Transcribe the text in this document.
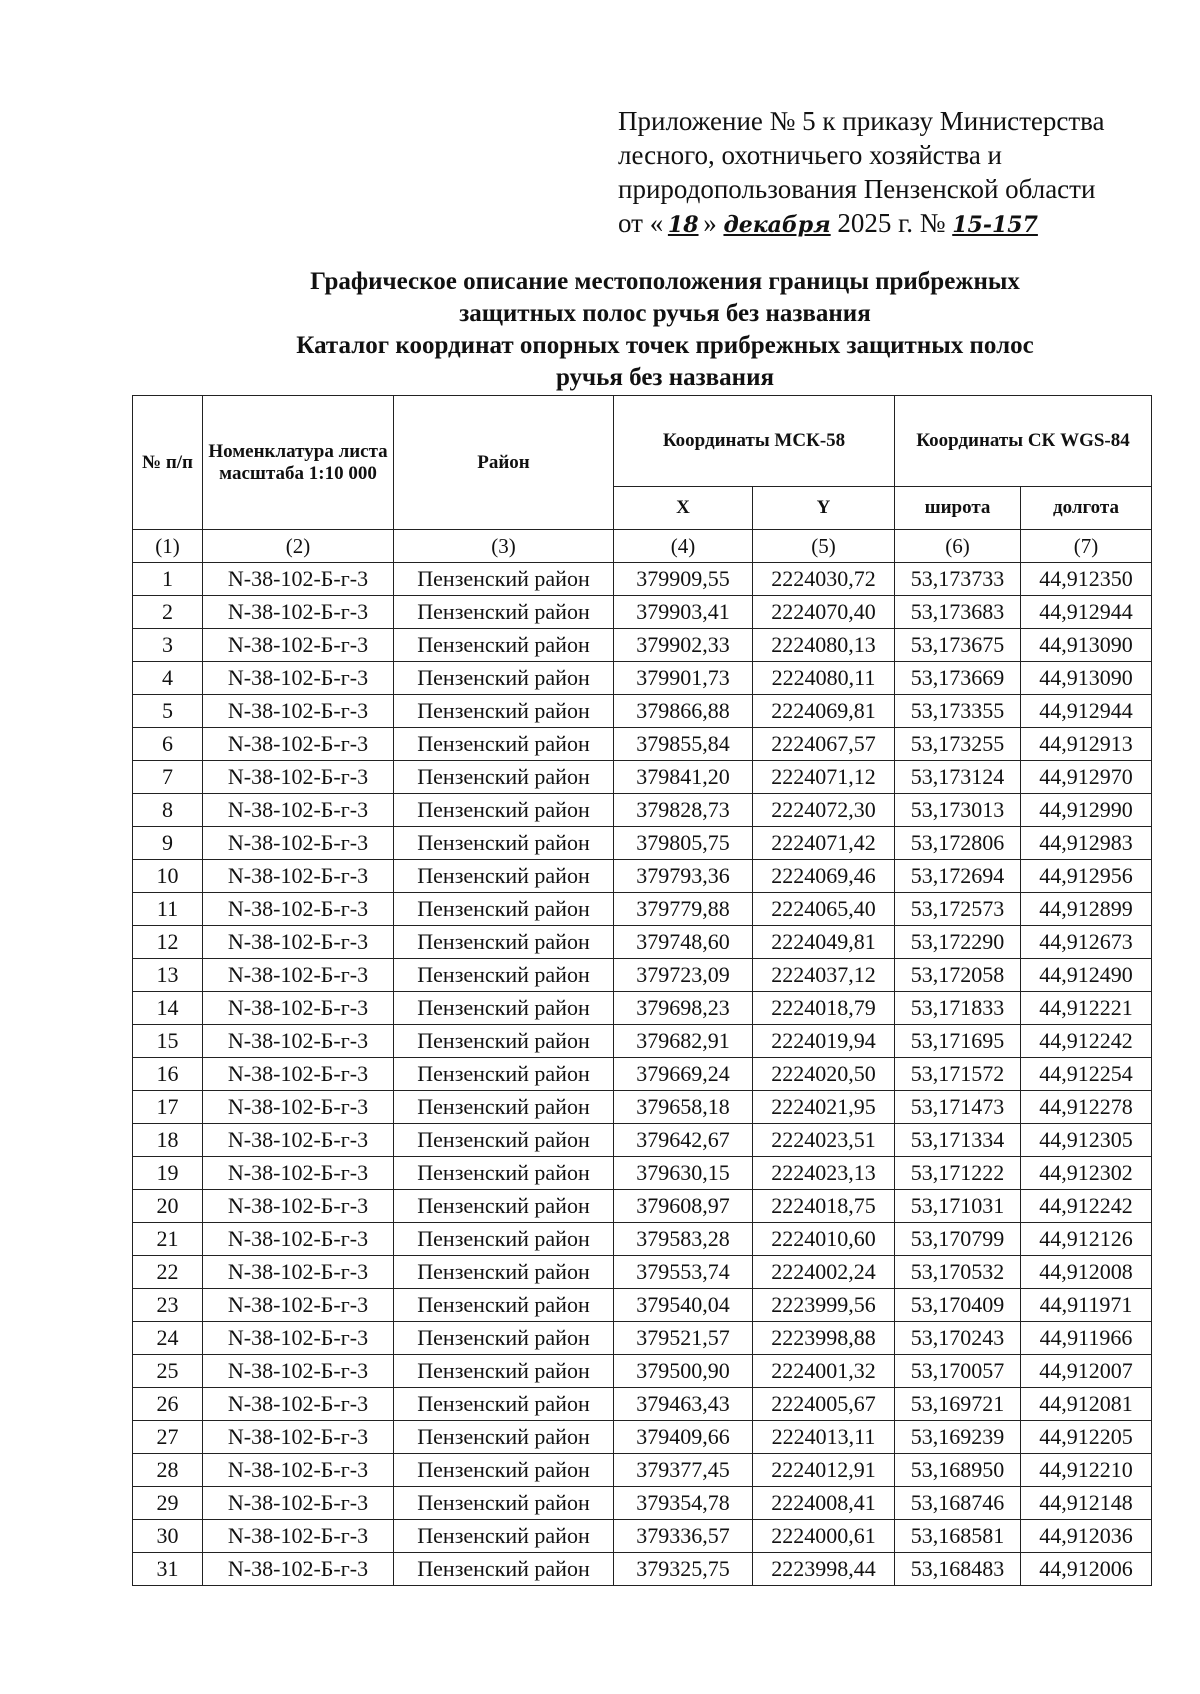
Приложение № 5 к приказу Министерства
лесного, охотничьего хозяйства и
природопользования Пензенской области
от « 18 » декабря 2025 г. № 15-157
Графическое описание местоположения границы прибрежных
защитных полос ручья без названия
Каталог координат опорных точек прибрежных защитных полос
ручья без названия
№ п/п	Номенклатура листа масштаба 1:10 000	Район	Координаты МСК-58		Координаты СК WGS-84	
			X	Y	широта	долгота
(1)	(2)	(3)	(4)	(5)	(6)	(7)
1	N-38-102-Б-г-3	Пензенский район	379909,55	2224030,72	53,173733	44,912350
2	N-38-102-Б-г-3	Пензенский район	379903,41	2224070,40	53,173683	44,912944
3	N-38-102-Б-г-3	Пензенский район	379902,33	2224080,13	53,173675	44,913090
4	N-38-102-Б-г-3	Пензенский район	379901,73	2224080,11	53,173669	44,913090
5	N-38-102-Б-г-3	Пензенский район	379866,88	2224069,81	53,173355	44,912944
6	N-38-102-Б-г-3	Пензенский район	379855,84	2224067,57	53,173255	44,912913
7	N-38-102-Б-г-3	Пензенский район	379841,20	2224071,12	53,173124	44,912970
8	N-38-102-Б-г-3	Пензенский район	379828,73	2224072,30	53,173013	44,912990
9	N-38-102-Б-г-3	Пензенский район	379805,75	2224071,42	53,172806	44,912983
10	N-38-102-Б-г-3	Пензенский район	379793,36	2224069,46	53,172694	44,912956
11	N-38-102-Б-г-3	Пензенский район	379779,88	2224065,40	53,172573	44,912899
12	N-38-102-Б-г-3	Пензенский район	379748,60	2224049,81	53,172290	44,912673
13	N-38-102-Б-г-3	Пензенский район	379723,09	2224037,12	53,172058	44,912490
14	N-38-102-Б-г-3	Пензенский район	379698,23	2224018,79	53,171833	44,912221
15	N-38-102-Б-г-3	Пензенский район	379682,91	2224019,94	53,171695	44,912242
16	N-38-102-Б-г-3	Пензенский район	379669,24	2224020,50	53,171572	44,912254
17	N-38-102-Б-г-3	Пензенский район	379658,18	2224021,95	53,171473	44,912278
18	N-38-102-Б-г-3	Пензенский район	379642,67	2224023,51	53,171334	44,912305
19	N-38-102-Б-г-3	Пензенский район	379630,15	2224023,13	53,171222	44,912302
20	N-38-102-Б-г-3	Пензенский район	379608,97	2224018,75	53,171031	44,912242
21	N-38-102-Б-г-3	Пензенский район	379583,28	2224010,60	53,170799	44,912126
22	N-38-102-Б-г-3	Пензенский район	379553,74	2224002,24	53,170532	44,912008
23	N-38-102-Б-г-3	Пензенский район	379540,04	2223999,56	53,170409	44,911971
24	N-38-102-Б-г-3	Пензенский район	379521,57	2223998,88	53,170243	44,911966
25	N-38-102-Б-г-3	Пензенский район	379500,90	2224001,32	53,170057	44,912007
26	N-38-102-Б-г-3	Пензенский район	379463,43	2224005,67	53,169721	44,912081
27	N-38-102-Б-г-3	Пензенский район	379409,66	2224013,11	53,169239	44,912205
28	N-38-102-Б-г-3	Пензенский район	379377,45	2224012,91	53,168950	44,912210
29	N-38-102-Б-г-3	Пензенский район	379354,78	2224008,41	53,168746	44,912148
30	N-38-102-Б-г-3	Пензенский район	379336,57	2224000,61	53,168581	44,912036
31	N-38-102-Б-г-3	Пензенский район	379325,75	2223998,44	53,168483	44,912006
